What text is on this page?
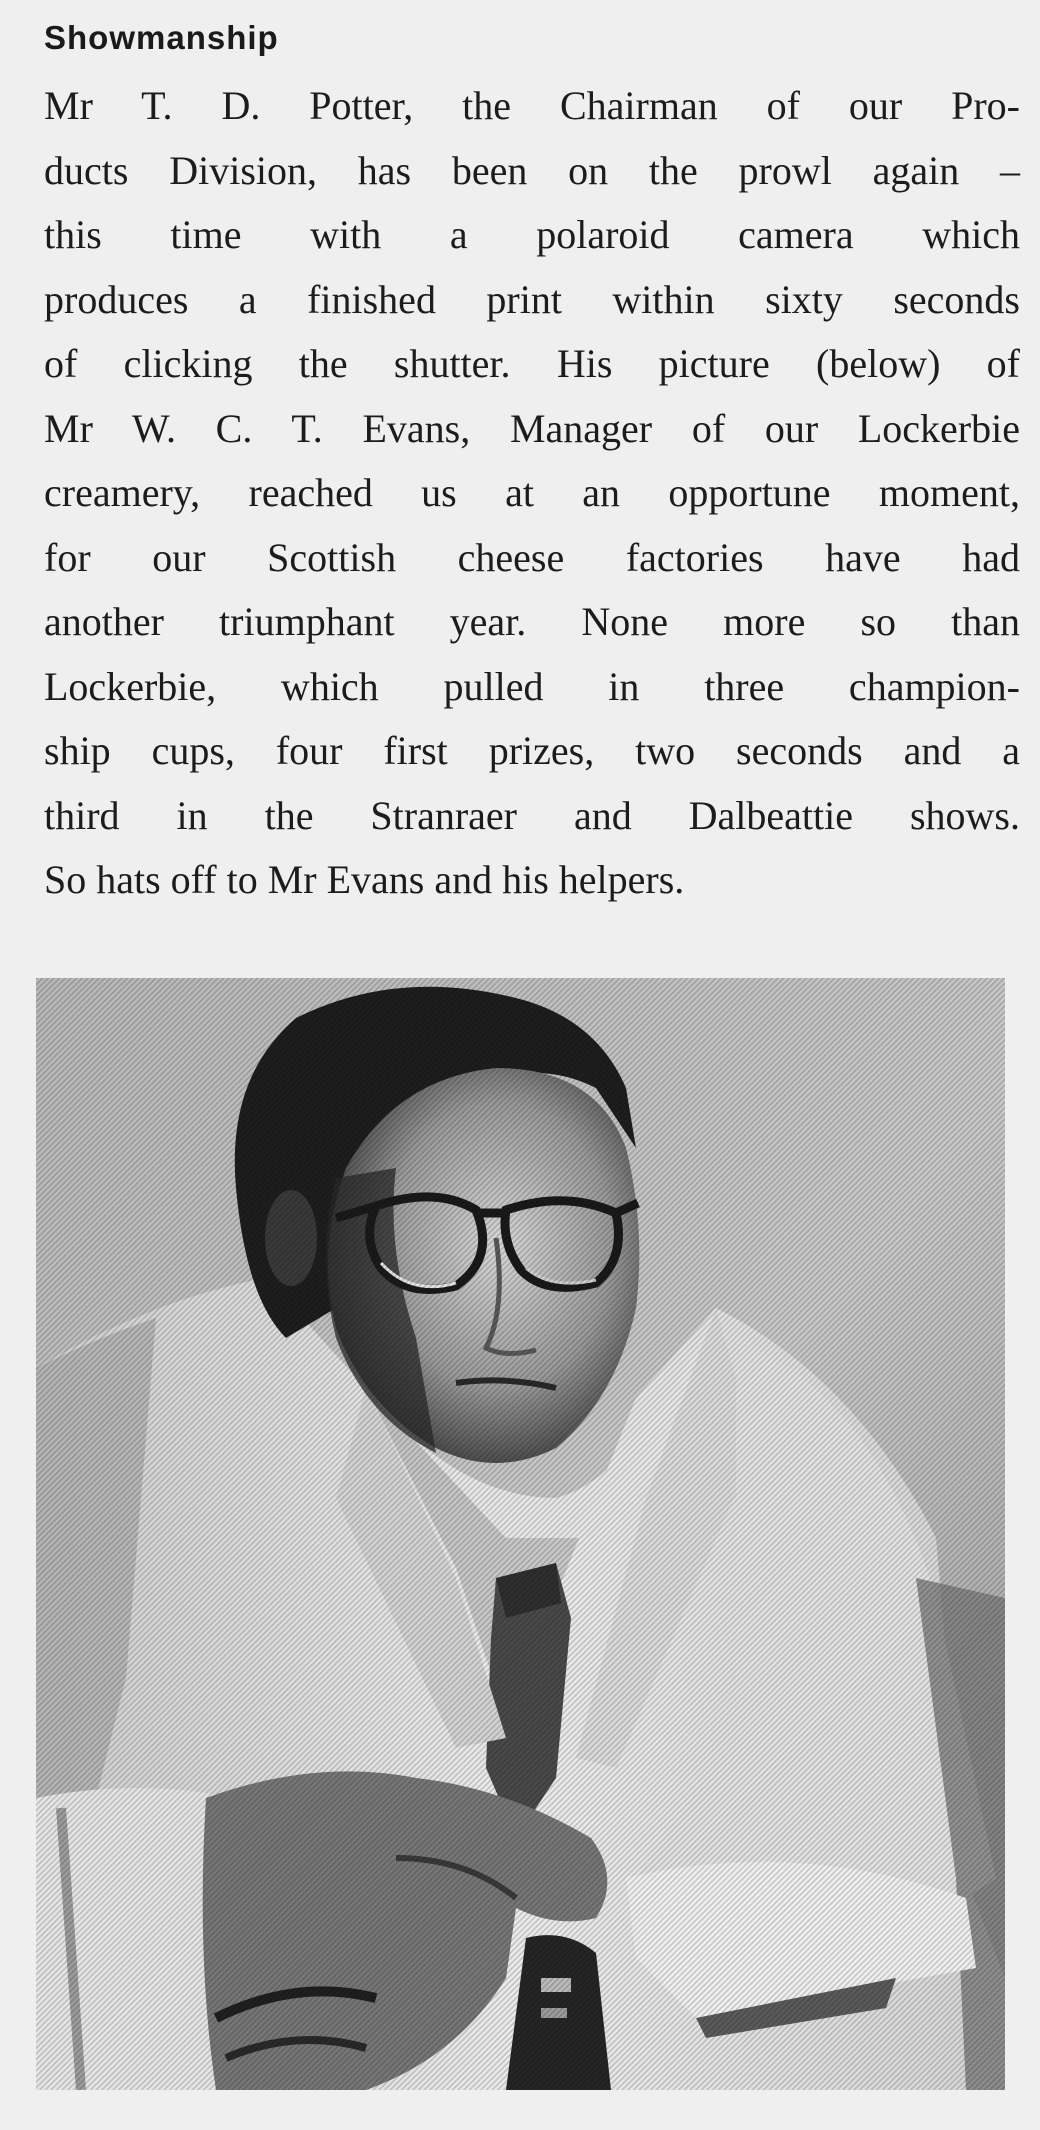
Showmanship
Mr T. D. Potter, the Chairman of our Pro-
ducts Division, has been on the prowl again –
this time with a polaroid camera which
produces a finished print within sixty seconds
of clicking the shutter. His picture (below) of
Mr W. C. T. Evans, Manager of our Lockerbie
creamery, reached us at an opportune moment,
for our Scottish cheese factories have had
another triumphant year. None more so than
Lockerbie, which pulled in three champion-
ship cups, four first prizes, two seconds and a
third in the Stranraer and Dalbeattie shows.
So hats off to Mr Evans and his helpers.
